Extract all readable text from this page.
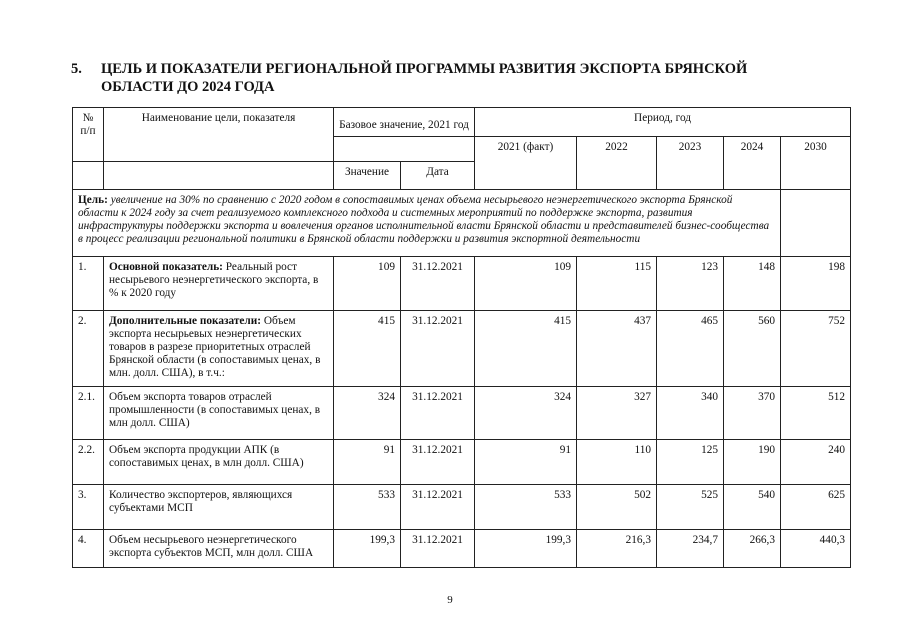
5.	ЦЕЛЬ И ПОКАЗАТЕЛИ РЕГИОНАЛЬНОЙ ПРОГРАММЫ РАЗВИТИЯ ЭКСПОРТА БРЯНСКОЙ ОБЛАСТИ ДО 2024 ГОДА
№ п/п	Наименование цели, показателя	Базовое значение, 2021 год		Период, год				
				2021 (факт)	2022	2023	2024	2030
		Значение	Дата					
Цель: увеличение на 30% по сравнению с 2020 годом в сопоставимых ценах объема несырьевого неэнергетического экспорта Брянской области к 2024 году за счет реализуемого комплексного подхода и системных мероприятий по поддержке экспорта, развития инфраструктуры поддержки экспорта и вовлечения органов исполнительной власти Брянской области и представителей бизнес-сообщества в процесс реализации региональной политики в Брянской области поддержки и развития экспортной деятельности								
1.	Основной показатель: Реальный рост несырьевого неэнергетического экспорта, в % к 2020 году	109	31.12.2021	109	115	123	148	198
2.	Дополнительные показатели: Объем экспорта несырьевых неэнергетических товаров в разрезе приоритетных отраслей Брянской области (в сопоставимых ценах, в млн. долл. США), в т.ч.:	415	31.12.2021	415	437	465	560	752
2.1.	Объем экспорта товаров отраслей промышленности (в сопоставимых ценах, в млн долл. США)	324	31.12.2021	324	327	340	370	512
2.2.	Объем экспорта продукции АПК (в сопоставимых ценах, в млн долл. США)	91	31.12.2021	91	110	125	190	240
3.	Количество экспортеров, являющихся субъектами МСП	533	31.12.2021	533	502	525	540	625
4.	Объем несырьевого неэнергетического экспорта субъектов МСП, млн долл. США	199,3	31.12.2021	199,3	216,3	234,7	266,3	440,3
9
